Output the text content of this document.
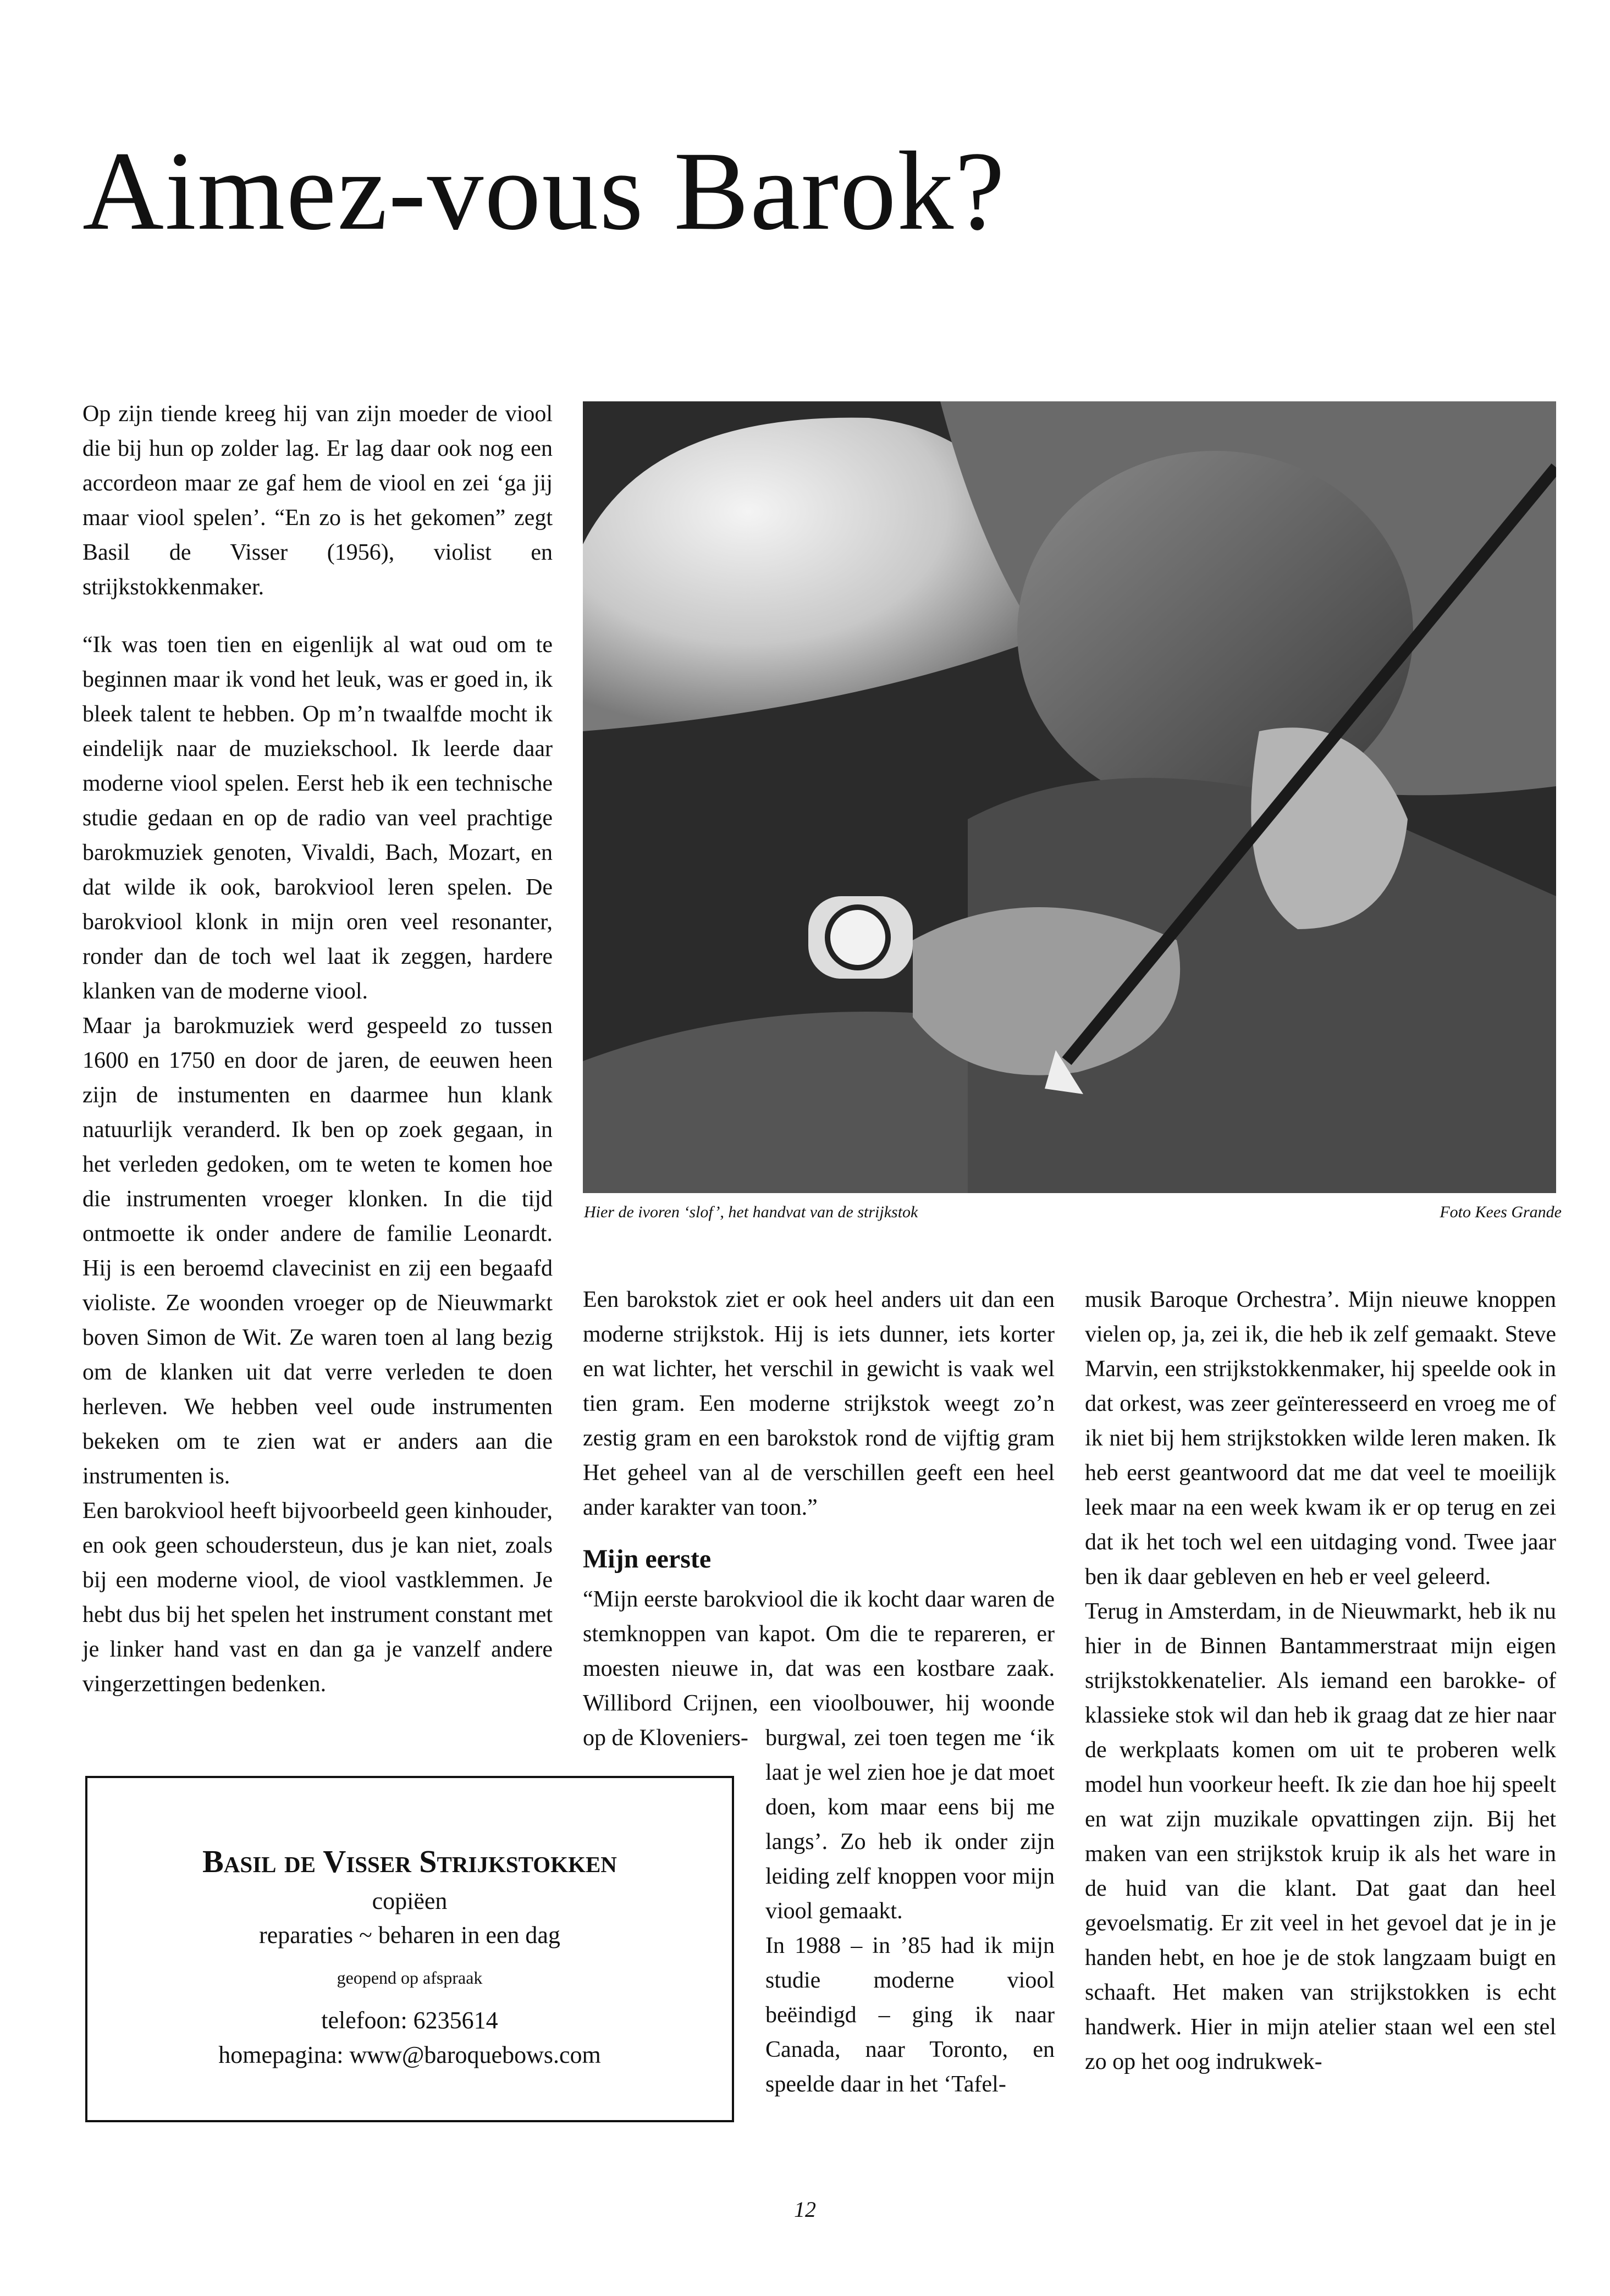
Aimez-vous Barok?

Op zijn tiende kreeg hij van zijn moeder de viool die bij hun op zolder lag. Er lag daar ook nog een accordeon maar ze gaf hem de viool en zei ‘ga jij maar viool spelen’. “En zo is het gekomen” zegt Basil de Visser (1956), violist en strijkstokkenmaker.

“Ik was toen tien en eigenlijk al wat oud om te beginnen maar ik vond het leuk, was er goed in, ik bleek talent te hebben. Op m’n twaalfde mocht ik eindelijk naar de muziekschool. Ik leerde daar moderne viool spelen. Eerst heb ik een technische studie gedaan en op de radio van veel prachtige barokmuziek genoten, Vivaldi, Bach, Mozart, en dat wilde ik ook, barokviool leren spelen. De barokviool klonk in mijn oren veel resonanter, ronder dan de toch wel laat ik zeggen, hardere klanken van de moderne viool.

Maar ja barokmuziek werd gespeeld zo tussen 1600 en 1750 en door de jaren, de eeuwen heen zijn de instumenten en daarmee hun klank natuurlijk veranderd. Ik ben op zoek gegaan, in het verleden gedoken, om te weten te komen hoe die instrumenten vroeger klonken. In die tijd ontmoette ik onder andere de familie Leonardt. Hij is een beroemd clavecinist en zij een begaafd violiste. Ze woonden vroeger op de Nieuwmarkt boven Simon de Wit. Ze waren toen al lang bezig om de klanken uit dat verre verleden te doen herleven. We hebben veel oude instrumenten bekeken om te zien wat er anders aan die instrumenten is.

Een barokviool heeft bijvoorbeeld geen kinhouder, en ook geen schoudersteun, dus je kan niet, zoals bij een moderne viool, de viool vastklemmen. Je hebt dus bij het spelen het instrument constant met je linker hand vast en dan ga je vanzelf andere vingerzettingen bedenken.

Hier de ivoren ‘slof’, het handvat van de strijkstok	Foto Kees Grande

Een barokstok ziet er ook heel anders uit dan een moderne strijkstok. Hij is iets dunner, iets korter en wat lichter, het verschil in gewicht is vaak wel tien gram. Een moderne strijkstok weegt zo’n zestig gram en een barokstok rond de vijftig gram Het geheel van al de verschillen geeft een heel ander karakter van toon.”

Mijn eerste

“Mijn eerste barokviool die ik kocht daar waren de stemknoppen van kapot. Om die te repareren, er moesten nieuwe in, dat was een kostbare zaak. Willibord Crijnen, een vioolbouwer, hij woonde op de Kloveniers- burgwal, zei toen tegen me ‘ik laat je wel zien hoe je dat moet doen, kom maar eens bij me langs’. Zo heb ik onder zijn leiding zelf knoppen voor mijn viool gemaakt.

In 1988 – in ’85 had ik mijn studie moderne viool beëindigd – ging ik naar Canada, naar Toronto, en speelde daar in het ‘Tafel-

musik Baroque Orchestra’. Mijn nieuwe knoppen vielen op, ja, zei ik, die heb ik zelf gemaakt. Steve Marvin, een strijkstokkenmaker, hij speelde ook in dat orkest, was zeer geïnteresseerd en vroeg me of ik niet bij hem strijkstokken wilde leren maken. Ik heb eerst geantwoord dat me dat veel te moeilijk leek maar na een week kwam ik er op terug en zei dat ik het toch wel een uitdaging vond. Twee jaar ben ik daar gebleven en heb er veel geleerd.

Terug in Amsterdam, in de Nieuwmarkt, heb ik nu hier in de Binnen Bantammerstraat mijn eigen strijkstokkenatelier. Als iemand een barokke- of klassieke stok wil dan heb ik graag dat ze hier naar de werkplaats komen om uit te proberen welk model hun voorkeur heeft. Ik zie dan hoe hij speelt en wat zijn muzikale opvattingen zijn. Bij het maken van een strijkstok kruip ik als het ware in de huid van die klant. Dat gaat dan heel gevoelsmatig. Er zit veel in het gevoel dat je in je handen hebt, en hoe je de stok langzaam buigt en schaaft. Het maken van strijkstokken is echt handwerk. Hier in mijn atelier staan wel een stel zo op het oog indrukwek-

Basil de Visser Strijkstokken
copiëen
reparaties ~ beharen in een dag
geopend op afspraak
telefoon: 6235614
homepagina: www@baroquebows.com
12
